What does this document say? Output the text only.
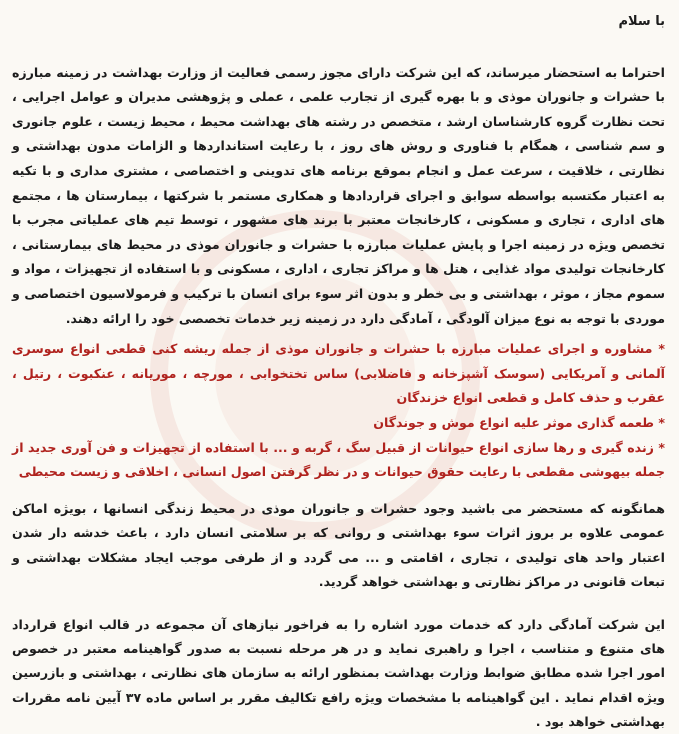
با سلام

احتراما به استحضار میرساند، که این شرکت دارای مجوز رسمی فعالیت از وزارت بهداشت در زمینه مبارزه با حشرات و جانوران موذی و با بهره گیری از تجارب علمی ، عملی و پژوهشی مدیران و عوامل اجرایی ، تحت نظارت گروه کارشناسان ارشد ، متخصص در رشته های بهداشت محیط ، محیط زیست ، علوم جانوری و سم شناسی ، همگام با فناوری و روش های روز ، با رعایت استانداردها و الزامات مدون بهداشتی و نظارتی ، خلاقیت ، سرعت عمل و انجام بموقع برنامه های تدوینی و اختصاصی ، مشتری مداری و با تکیه به اعتبار مکتسبه بواسطه سوابق و اجرای قراردادها و همکاری مستمر با شرکتها ، بیمارستان ها ، مجتمع های اداری ، تجاری و مسکونی ، کارخانجات معتبر با برند های مشهور ، توسط تیم های عملیاتی مجرب با تخصص ویژه در زمینه اجرا و پایش عملیات مبارزه با حشرات و جانوران موذی در محیط های بیمارستانی ، کارخانجات تولیدی مواد غذایی ، هتل ها و مراکز تجاری ، اداری ، مسکونی و با استفاده از تجهیزات ، مواد و سموم مجاز ، موثر ، بهداشتی و بی خطر و بدون اثر سوء برای انسان با ترکیب و فرمولاسیون اختصاصی و موردی با توجه به نوع میزان آلودگی ، آمادگی دارد در زمینه زیر خدمات تخصصی خود را ارائه دهند.

* مشاوره و اجرای عملیات مبارزه با حشرات و جانوران موذی از جمله ریشه کنی قطعی انواع سوسری آلمانی و آمریکایی (سوسک آشپزخانه و فاضلابی) ساس تختخوابی ، مورچه ، موریانه ، عنکبوت ، رتیل ، عقرب و حذف کامل و قطعی انواع خزندگان

* طعمه گذاری موثر علیه انواع موش و جوندگان

* زنده گیری و رها سازی انواع حیوانات از قبیل سگ ، گربه و ... با استفاده از تجهیزات و فن آوری جدید از جمله بیهوشی مقطعی با رعایت حقوق حیوانات و در نظر گرفتن اصول انسانی ، اخلاقی و زیست محیطی

همانگونه که مستحضر می باشید وجود حشرات و جانوران موذی در محیط زندگی انسانها ، بویژه اماکن عمومی علاوه بر بروز اثرات سوء بهداشتی و روانی که بر سلامتی انسان دارد ، باعث خدشه دار شدن اعتبار واحد های تولیدی ، تجاری ، اقامتی و ... می گردد و از طرفی موجب ایجاد مشکلات بهداشتی و تبعات قانونی در مراکز نظارتی و بهداشتی خواهد گردید.

این شرکت آمادگی دارد که خدمات مورد اشاره را به فراخور نیازهای آن مجموعه در قالب انواع قرارداد های متنوع و متناسب ، اجرا و راهبری نماید و در هر مرحله نسبت به صدور گواهینامه معتبر در خصوص امور اجرا شده مطابق ضوابط وزارت بهداشت بمنظور ارائه به سازمان های نظارتی ، بهداشتی و بازرسین ویژه اقدام نماید . این گواهینامه با مشخصات ویژه رافع تکالیف مقرر بر اساس ماده ۳۷ آیین نامه مقررات بهداشتی خواهد بود .
